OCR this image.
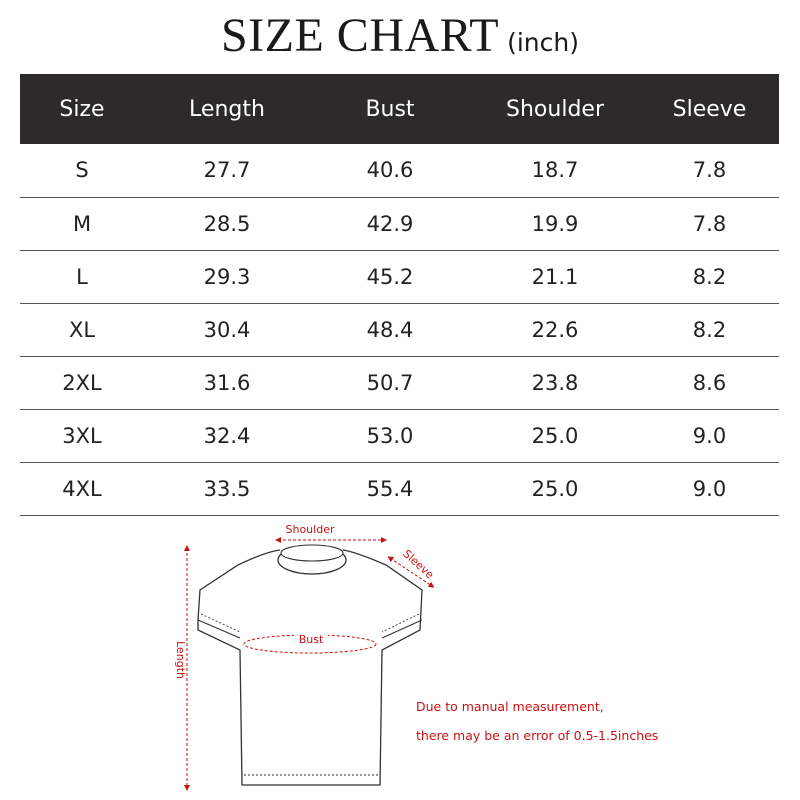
SIZE CHART (inch)
Size	Length	Bust	Shoulder	Sleeve
S	27.7	40.6	18.7	7.8
M	28.5	42.9	19.9	7.8
L	29.3	45.2	21.1	8.2
XL	30.4	48.4	22.6	8.2
2XL	31.6	50.7	23.8	8.6
3XL	32.4	53.0	25.0	9.0
4XL	33.5	55.4	25.0	9.0
Shoulder
Sleeve
Bust
Length
Due to manual measurement,
there may be an error of 0.5-1.5inches
